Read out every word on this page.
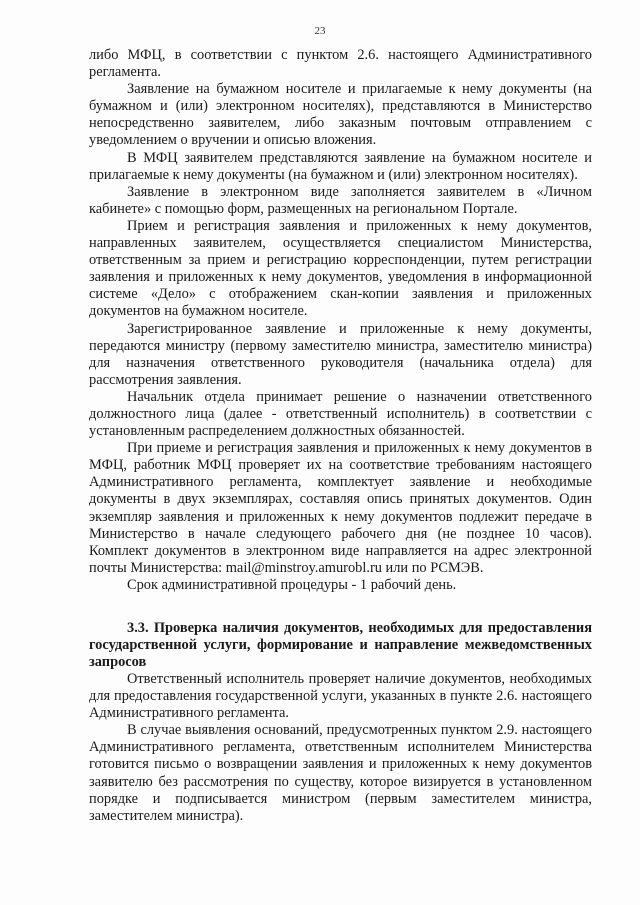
23

либо МФЦ, в соответствии с пунктом 2.6. настоящего Административного регламента.

Заявление на бумажном носителе и прилагаемые к нему документы (на бумажном и (или) электронном носителях), представляются в Министерство непосредственно заявителем, либо заказным почтовым отправлением с уведомлением о вручении и описью вложения.

В МФЦ заявителем представляются заявление на бумажном носителе и прилагаемые к нему документы (на бумажном и (или) электронном носителях).

Заявление в электронном виде заполняется заявителем в «Личном кабинете» с помощью форм, размещенных на региональном Портале.

Прием и регистрация заявления и приложенных к нему документов, направленных заявителем, осуществляется специалистом Министерства, ответственным за прием и регистрацию корреспонденции, путем регистрации заявления и приложенных к нему документов, уведомления в информационной системе «Дело» с отображением скан-копии заявления и приложенных документов на бумажном носителе.

Зарегистрированное заявление и приложенные к нему документы, передаются министру (первому заместителю министра, заместителю министра) для назначения ответственного руководителя (начальника отдела) для рассмотрения заявления.

Начальник отдела принимает решение о назначении ответственного должностного лица (далее - ответственный исполнитель) в соответствии с установленным распределением должностных обязанностей.

При приеме и регистрация заявления и приложенных к нему документов в МФЦ, работник МФЦ проверяет их на соответствие требованиям настоящего Административного регламента, комплектует заявление и необходимые документы в двух экземплярах, составляя опись принятых документов. Один экземпляр заявления и приложенных к нему документов подлежит передаче в Министерство в начале следующего рабочего дня (не позднее 10 часов). Комплект документов в электронном виде направляется на адрес электронной почты Министерства: mail@minstroy.amurobl.ru или по РСМЭВ.

Срок административной процедуры - 1 рабочий день.

3.3. Проверка наличия документов, необходимых для предоставления государственной услуги, формирование и направление межведомственных запросов

Ответственный исполнитель проверяет наличие документов, необходимых для предоставления государственной услуги, указанных в пункте 2.6. настоящего Административного регламента.

В случае выявления оснований, предусмотренных пунктом 2.9. настоящего Административного регламента, ответственным исполнителем Министерства готовится письмо о возвращении заявления и приложенных к нему документов заявителю без рассмотрения по существу, которое визируется в установленном порядке и подписывается министром (первым заместителем министра, заместителем министра).
